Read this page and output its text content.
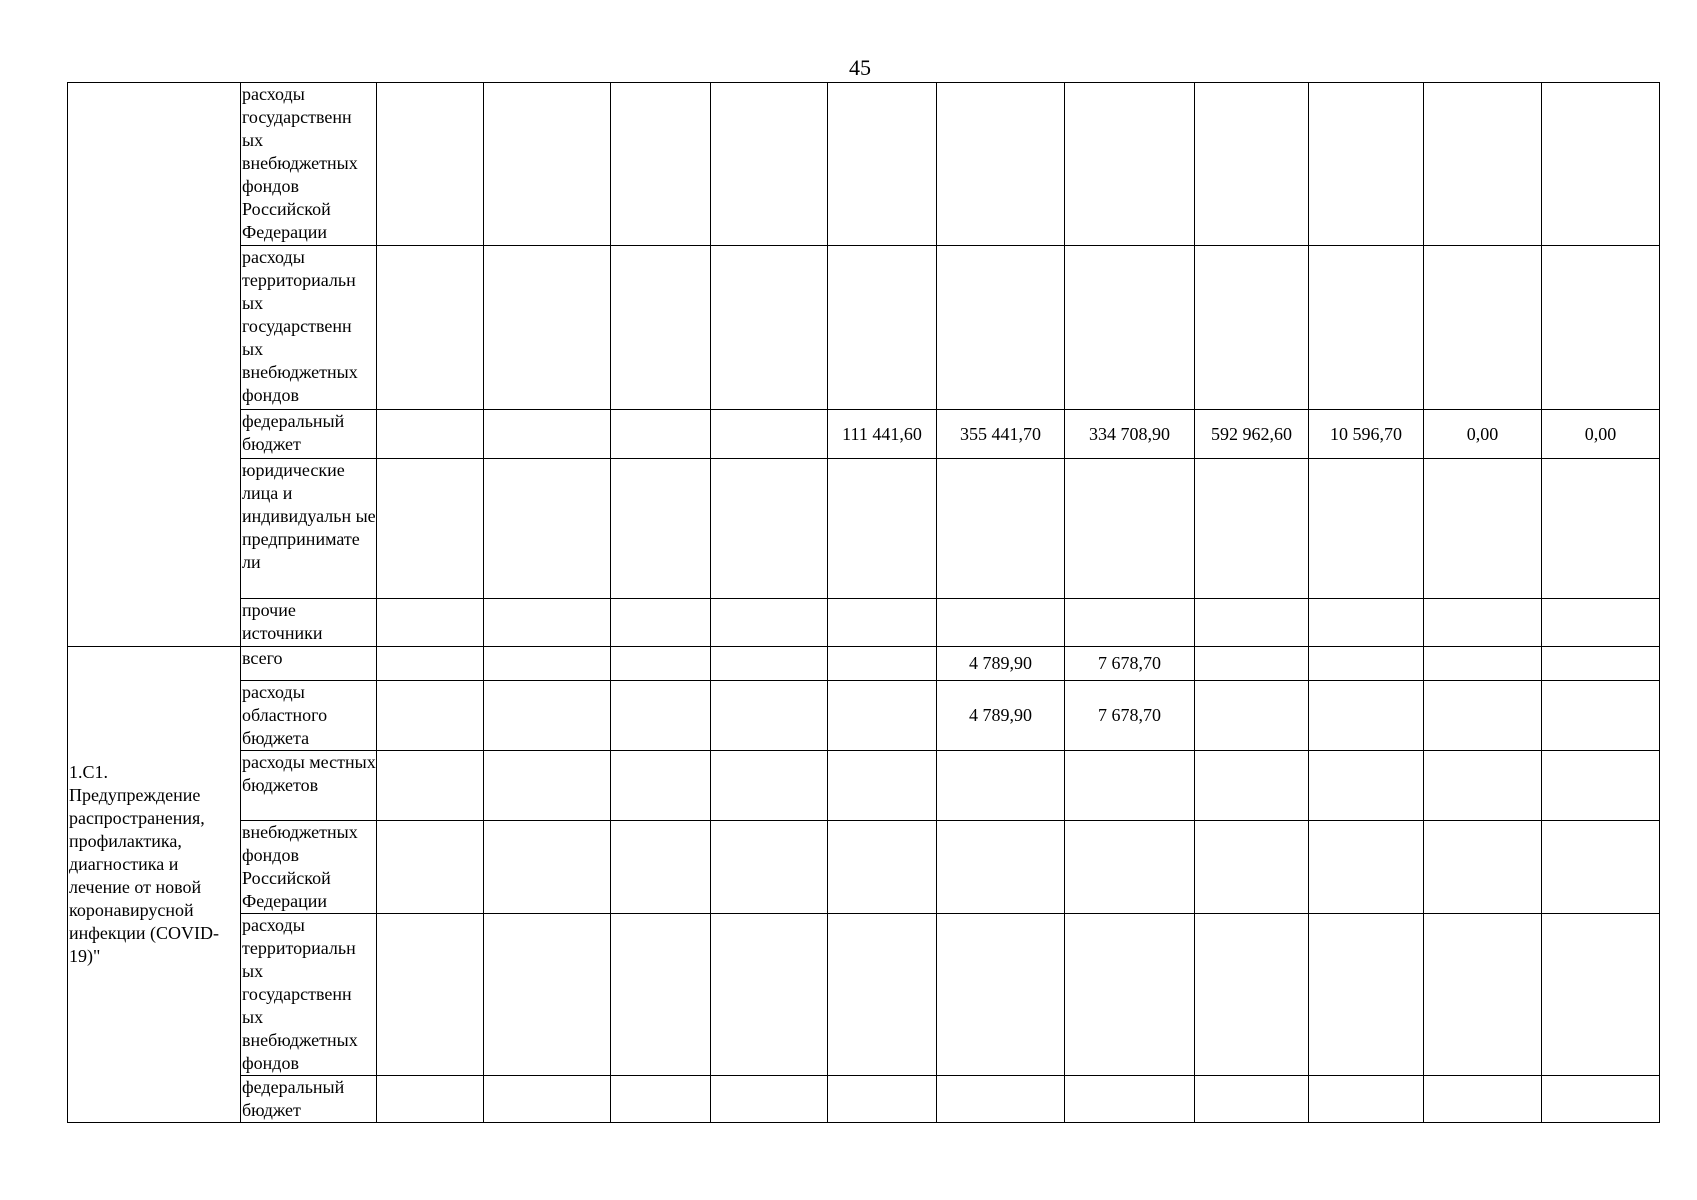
45
	расходы государственн ых внебюджетных фондов Российской Федерации											
	расходы территориальн ых государственн ых внебюджетных фондов											
	федеральный бюджет					111 441,60	355 441,70	334 708,90	592 962,60	10 596,70	0,00	0,00
	юридические лица и индивидуальн ые предпринимате ли											
	прочие источники											

1.C1. Предупреждение распространения, профилактика, диагностика и лечение от новой коронавирусной инфекции (COVID-19)"	всего						4 789,90	7 678,70				
	расходы областного бюджета						4 789,90	7 678,70				
	расходы местных бюджетов											
	внебюджетных фондов Российской Федерации											
	расходы территориальн ых государственн ых внебюджетных фондов											
	федеральный бюджет											
